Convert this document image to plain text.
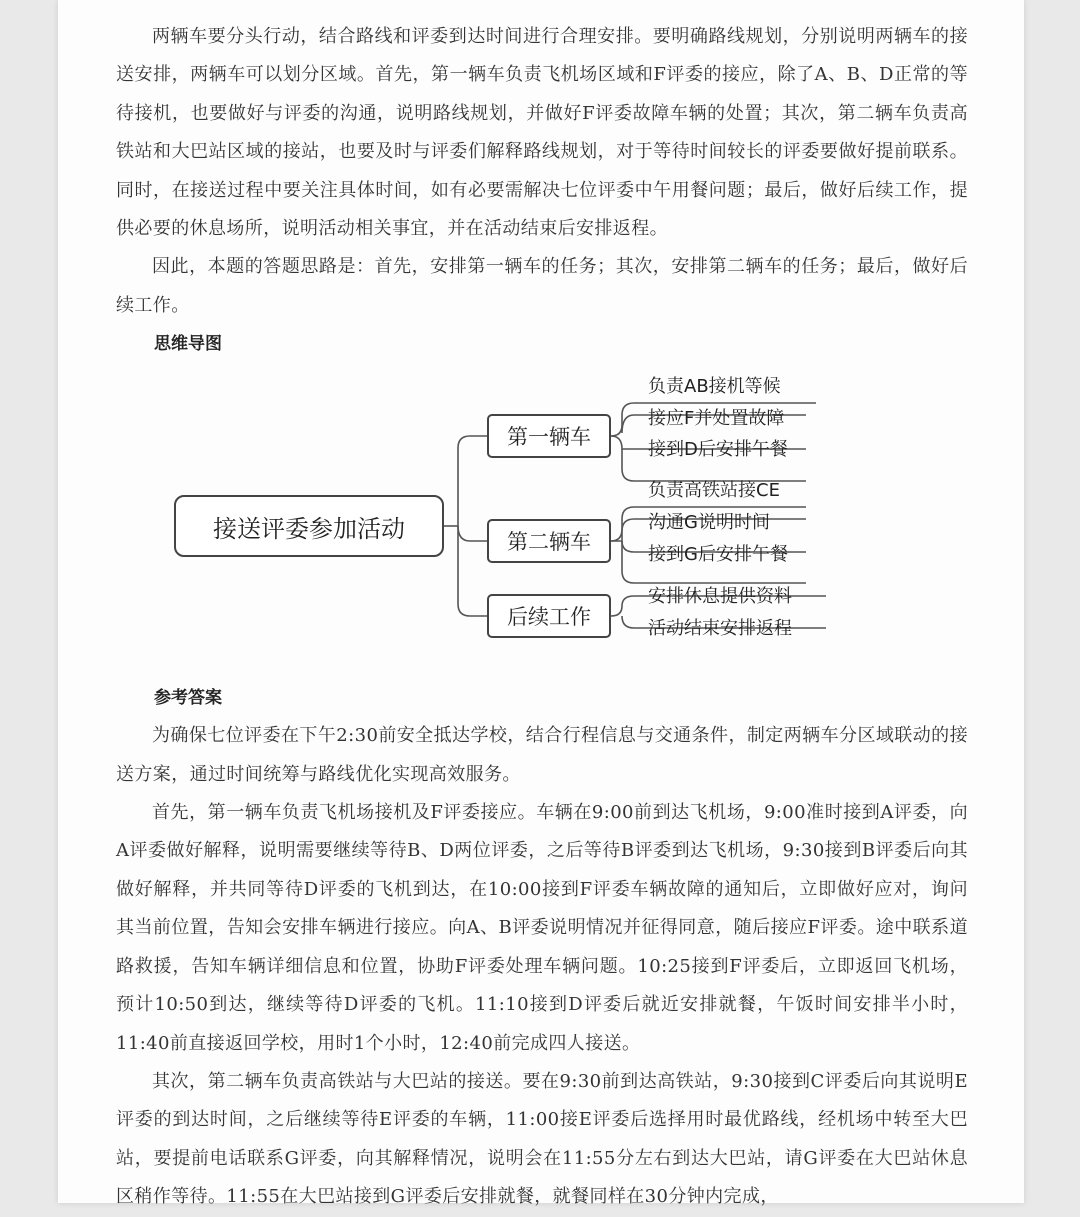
两辆车要分头行动，结合路线和评委到达时间进行合理安排。要明确路线规划，分别说明两辆车的接送安排，两辆车可以划分区域。首先，第一辆车负责飞机场区域和F评委的接应，除了A、B、D正常的等待接机，也要做好与评委的沟通，说明路线规划，并做好F评委故障车辆的处置；其次，第二辆车负责高铁站和大巴站区域的接站，也要及时与评委们解释路线规划，对于等待时间较长的评委要做好提前联系。同时，在接送过程中要关注具体时间，如有必要需解决七位评委中午用餐问题；最后，做好后续工作，提供必要的休息场所，说明活动相关事宜，并在活动结束后安排返程。

因此，本题的答题思路是：首先，安排第一辆车的任务；其次，安排第二辆车的任务；最后，做好后续工作。

思维导图
接送评委参加活动
第一辆车
第二辆车
后续工作
负责AB接机等候
接应F并处置故障
接到D后安排午餐
负责高铁站接CE
沟通G说明时间
接到G后安排午餐
安排休息提供资料
活动结束安排返程
参考答案

为确保七位评委在下午2:30前安全抵达学校，结合行程信息与交通条件，制定两辆车分区域联动的接送方案，通过时间统筹与路线优化实现高效服务。

首先，第一辆车负责飞机场接机及F评委接应。车辆在9:00前到达飞机场，9:00准时接到A评委，向A评委做好解释，说明需要继续等待B、D两位评委，之后等待B评委到达飞机场，9:30接到B评委后向其做好解释，并共同等待D评委的飞机到达，在10:00接到F评委车辆故障的通知后，立即做好应对，询问其当前位置，告知会安排车辆进行接应。向A、B评委说明情况并征得同意，随后接应F评委。途中联系道路救援，告知车辆详细信息和位置，协助F评委处理车辆问题。10:25接到F评委后，立即返回飞机场，预计10:50到达，继续等待D评委的飞机。11:10接到D评委后就近安排就餐，午饭时间安排半小时，11:40前直接返回学校，用时1个小时，12:40前完成四人接送。

其次，第二辆车负责高铁站与大巴站的接送。要在9:30前到达高铁站，9:30接到C评委后向其说明E评委的到达时间，之后继续等待E评委的车辆，11:00接E评委后选择用时最优路线，经机场中转至大巴站，要提前电话联系G评委，向其解释情况，说明会在11:55分左右到达大巴站，请G评委在大巴站休息区稍作等待。11:55在大巴站接到G评委后安排就餐，就餐同样在30分钟内完成，
